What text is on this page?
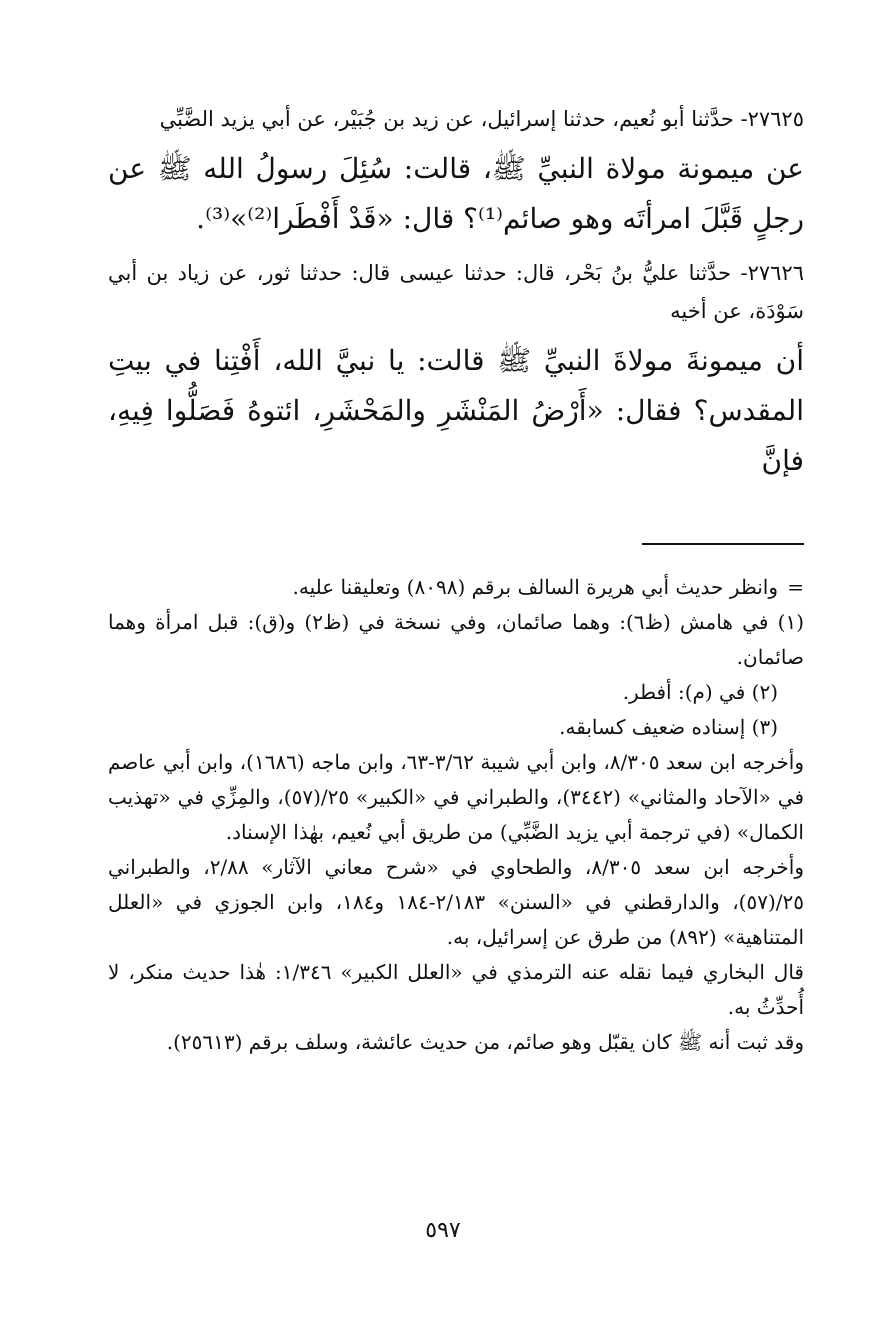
٢٧٦٢٥- حدَّثنا أبو نُعيم، حدثنا إسرائيل، عن زيد بن جُبَيْر، عن أبي يزيد الضَّبِّي

عن ميمونة مولاة النبيِّ ﷺ، قالت: سُئِلَ رسولُ الله ﷺ عن رجلٍ قَبَّلَ امرأتَه وهو صائم⁽¹⁾؟ قال: «قَدْ أَفْطَرا⁽²⁾»⁽³⁾.

٢٧٦٢٦- حدَّثنا عليُّ بنُ بَحْر، قال: حدثنا عيسى قال: حدثنا ثور، عن زياد بن أبي سَوْدَة، عن أخيه

أن ميمونةَ مولاةَ النبيِّ ﷺ قالت: يا نبيَّ الله، أَفْتِنا في بيتِ المقدس؟ فقال: «أَرْضُ المَنْشَرِ والمَحْشَرِ، ائتوهُ فَصَلُّوا فِيهِ، فإنَّ

=
وانظر حديث أبي هريرة السالف برقم (٨٠٩٨) وتعليقنا عليه.

(١) في هامش (ظ٦): وهما صائمان، وفي نسخة في (ظ٢) و(ق): قبل امرأة وهما صائمان.

(٢) في (م): أفطر.

(٣) إسناده ضعيف كسابقه.

وأخرجه ابن سعد ٨/٣٠٥، وابن أبي شيبة ٣/٦٢-٦٣، وابن ماجه (١٦٨٦)، وابن أبي عاصم في «الآحاد والمثاني» (٣٤٤٢)، والطبراني في «الكبير» ٢٥/(٥٧)، والمِزِّي في «تهذيب الكمال» (في ترجمة أبي يزيد الضَّبِّي) من طريق أبي نُعيم، بهٰذا الإسناد.

وأخرجه ابن سعد ٨/٣٠٥، والطحاوي في «شرح معاني الآثار» ٢/٨٨، والطبراني ٢٥/(٥٧)، والدارقطني في «السنن» ٢/١٨٣-١٨٤ و١٨٤، وابن الجوزي في «العلل المتناهية» (٨٩٢) من طرق عن إسرائيل، به.

قال البخاري فيما نقله عنه الترمذي في «العلل الكبير» ١/٣٤٦: هٰذا حديث منكر، لا أُحدِّثُ به.

وقد ثبت أنه ﷺ كان يقبّل وهو صائم، من حديث عائشة، وسلف برقم (٢٥٦١٣).

٥٩٧
